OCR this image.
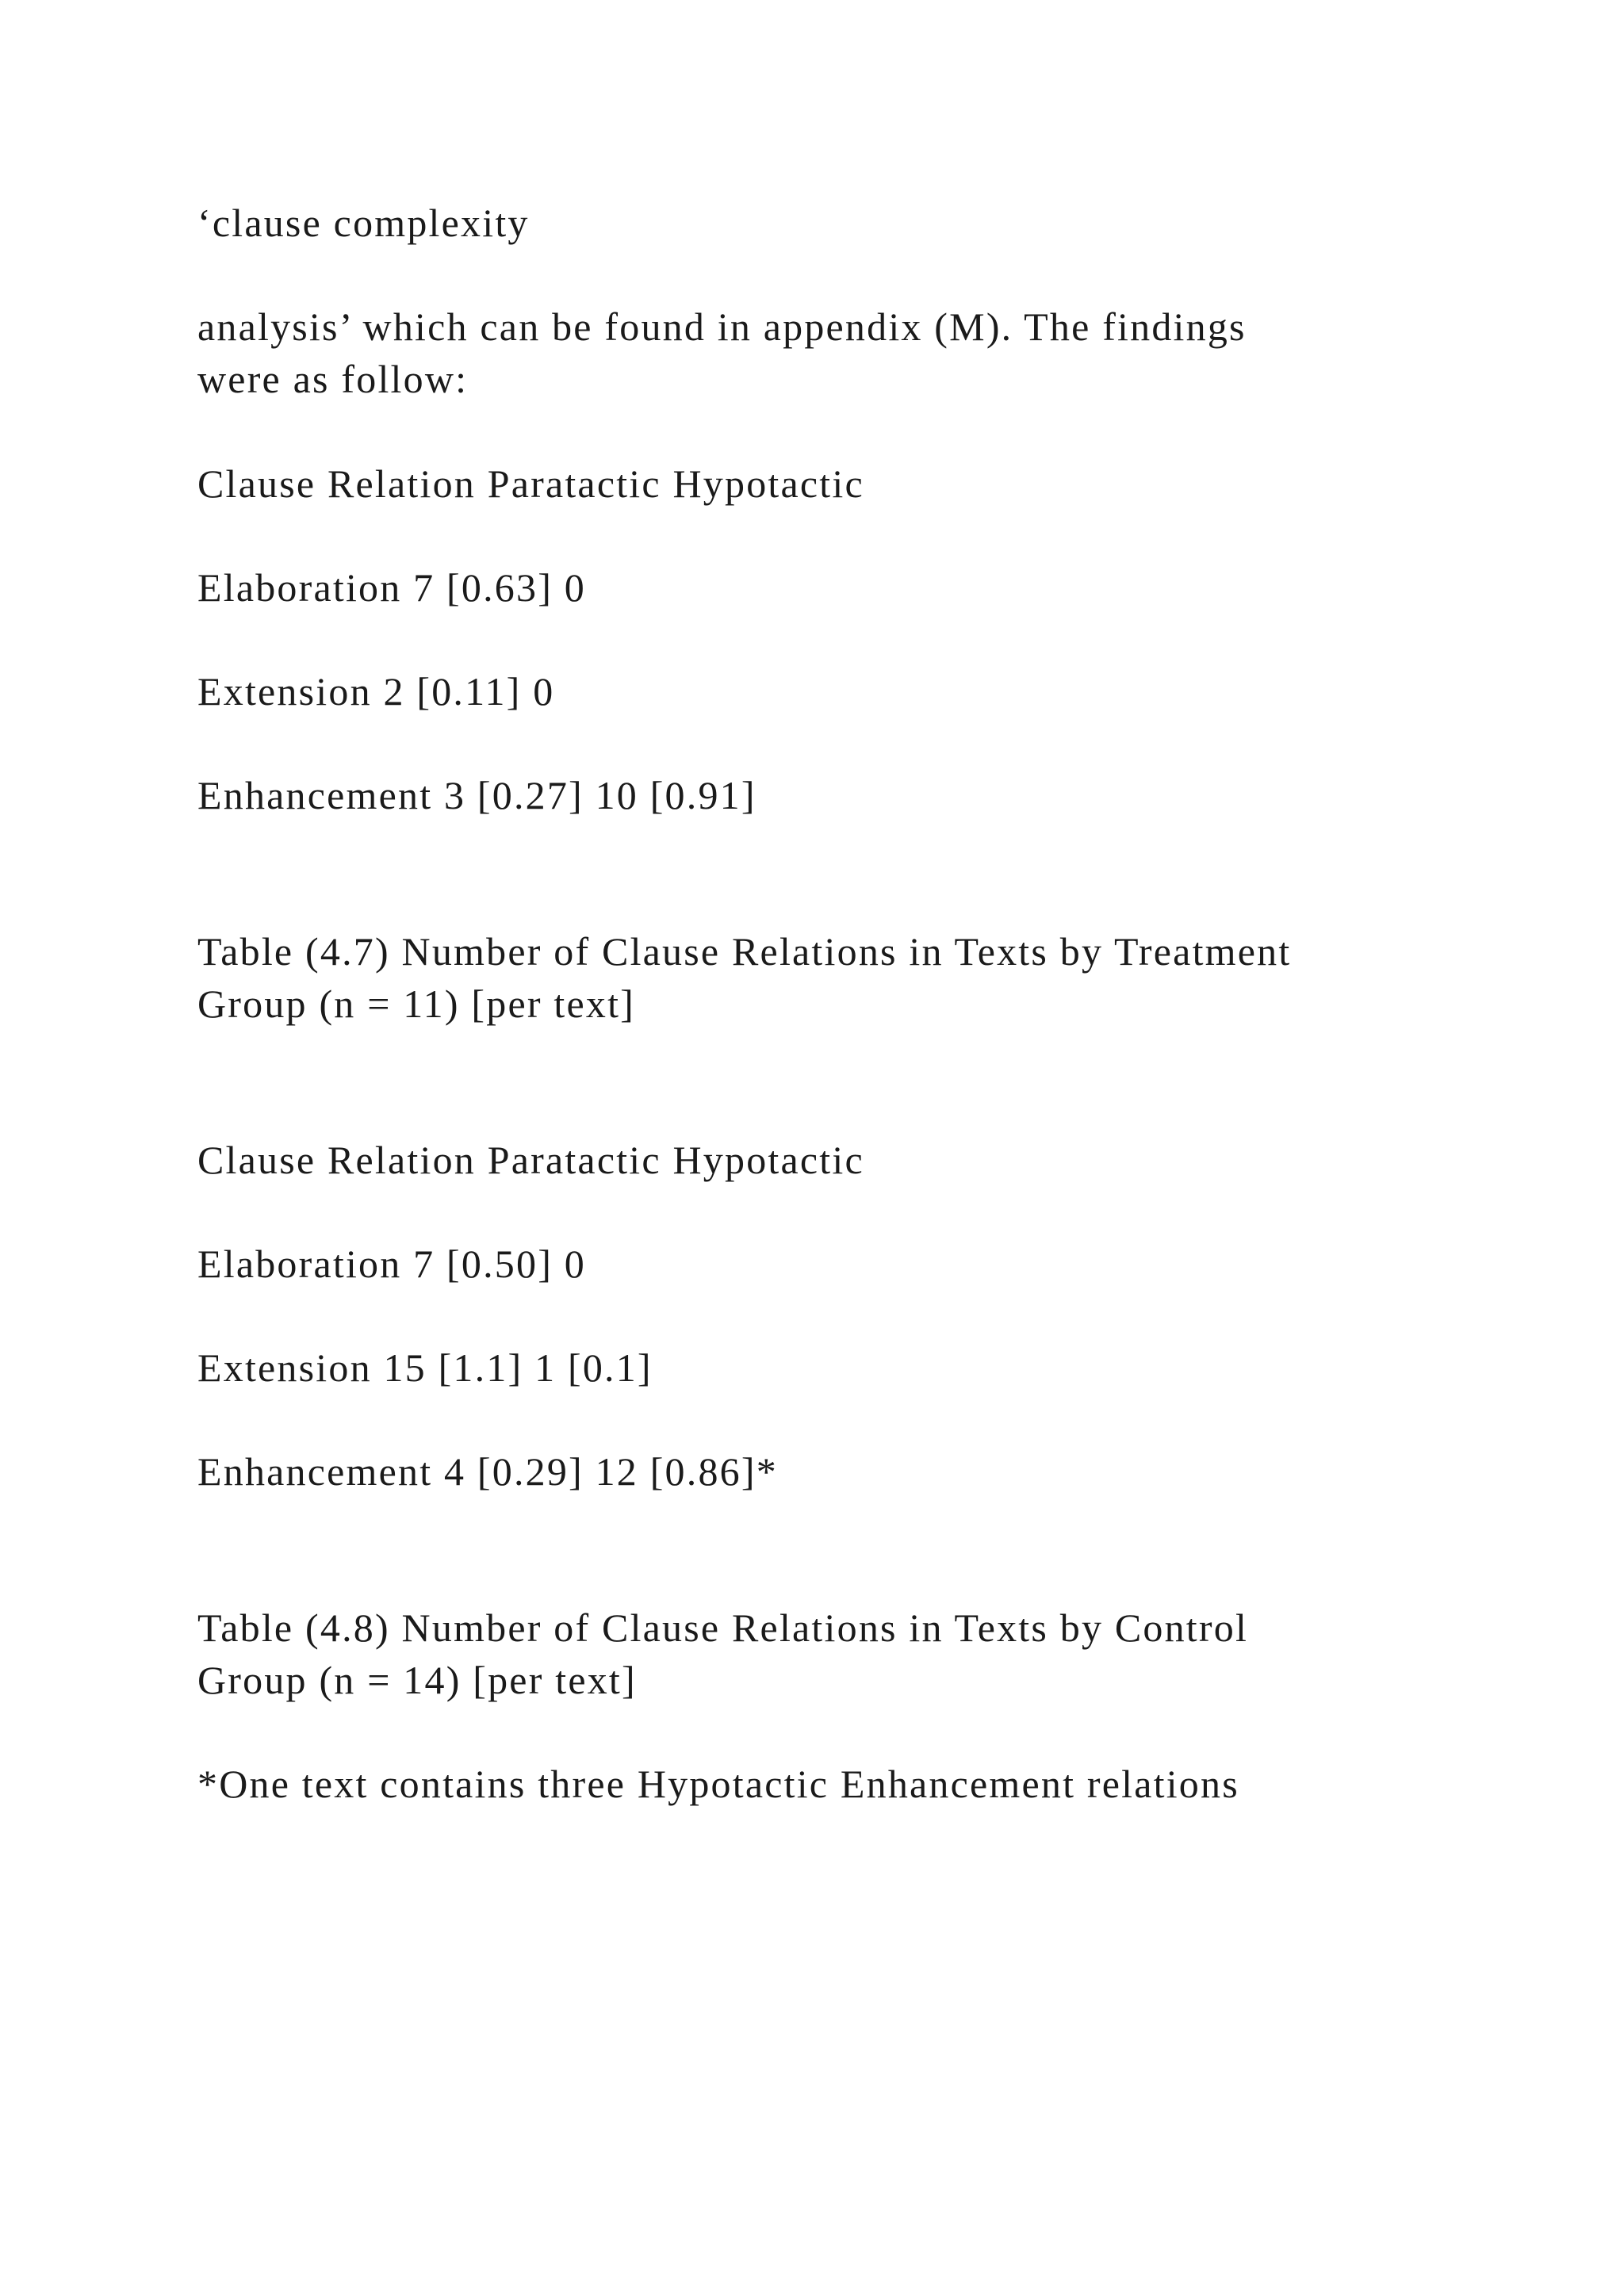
‘clause complexity

analysis’ which can be found in appendix (M). The findings

were as follow:

Clause Relation Paratactic Hypotactic

Elaboration 7 [0.63] 0

Extension 2 [0.11] 0

Enhancement 3 [0.27] 10 [0.91]

Table (4.7) Number of Clause Relations in Texts by Treatment

Group (n = 11) [per text]

Clause Relation Paratactic Hypotactic

Elaboration 7 [0.50] 0

Extension 15 [1.1] 1 [0.1]

Enhancement 4 [0.29] 12 [0.86]*

Table (4.8) Number of Clause Relations in Texts by Control

Group (n = 14) [per text]

*One text contains three Hypotactic Enhancement relations
